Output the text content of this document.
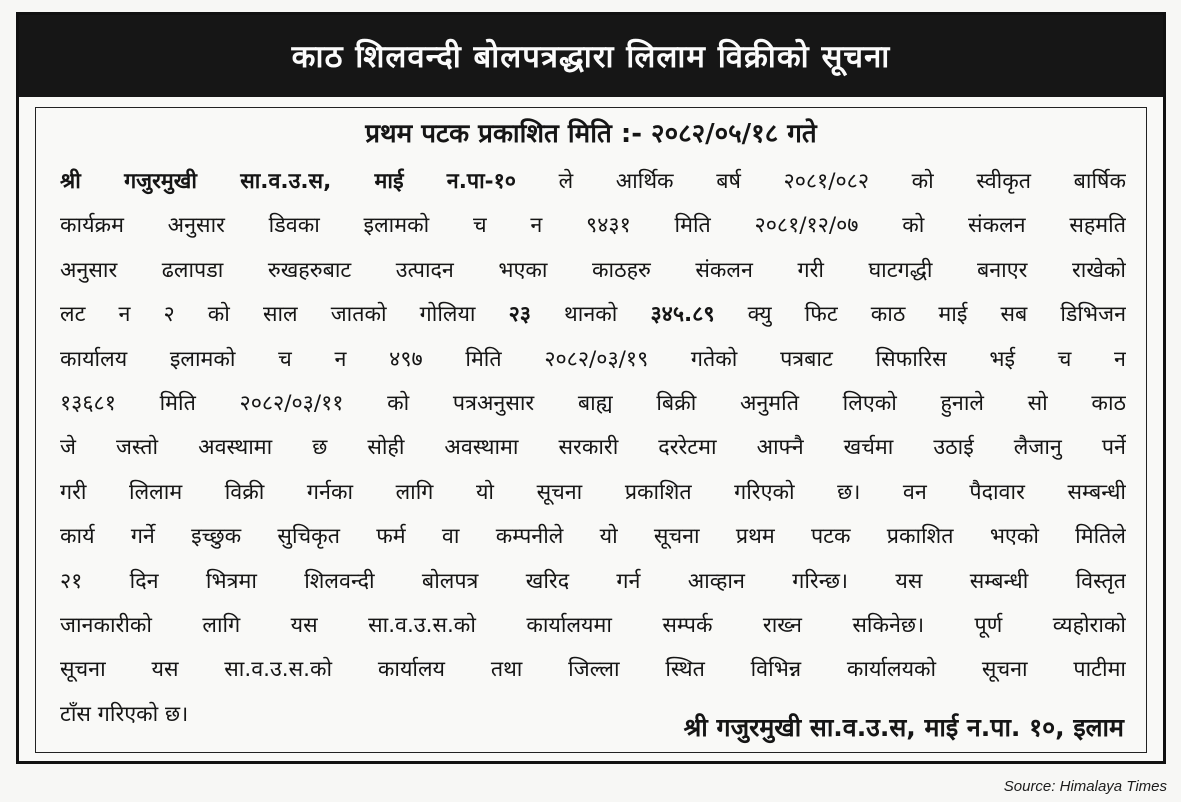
काठ शिलवन्दी बोलपत्रद्धारा लिलाम विक्रीको सूचना
प्रथम पटक प्रकाशित मिति :- २०८२/०५/१८ गते
श्री गजुरमुखी सा.व.उ.स, माई न.पा-१० ले आर्थिक बर्ष २०८१/०८२ को स्वीकृत बार्षिक
कार्यक्रम अनुसार डिवका इलामको च न ९४३१ मिति २०८१/१२/०७ को संकलन सहमति
अनुसार ढलापडा रुखहरुबाट उत्पादन भएका काठहरु संकलन गरी घाटगद्धी बनाएर राखेको
लट न २ को साल जातको गोलिया २३ थानको ३४५.८९ क्यु फिट काठ माई सब डिभिजन
कार्यालय इलामको च न ४९७ मिति २०८२/०३/१९ गतेको पत्रबाट सिफारिस भई च न
१३६८१ मिति २०८२/०३/११ को पत्रअनुसार बाह्य बिक्री अनुमति लिएको हुनाले सो काठ
जे जस्तो अवस्थामा छ सोही अवस्थामा सरकारी दररेटमा आफ्नै खर्चमा उठाई लैजानु पर्ने
गरी लिलाम विक्री गर्नका लागि यो सूचना प्रकाशित गरिएको छ। वन पैदावार सम्बन्धी
कार्य गर्ने इच्छुक सुचिकृत फर्म वा कम्पनीले यो सूचना प्रथम पटक प्रकाशित भएको मितिले
२१ दिन भित्रमा शिलवन्दी बोलपत्र खरिद गर्न आव्हान गरिन्छ। यस सम्बन्धी विस्तृत
जानकारीको लागि यस सा.व.उ.स.को कार्यालयमा सम्पर्क राख्न सकिनेछ। पूर्ण व्यहोराको
सूचना यस सा.व.उ.स.को कार्यालय तथा जिल्ला स्थित विभिन्न कार्यालयको सूचना पाटीमा
टाँस गरिएको छ।	श्री गजुरमुखी सा.व.उ.स, माई न.पा. १०, इलाम
Source: Himalaya Times
